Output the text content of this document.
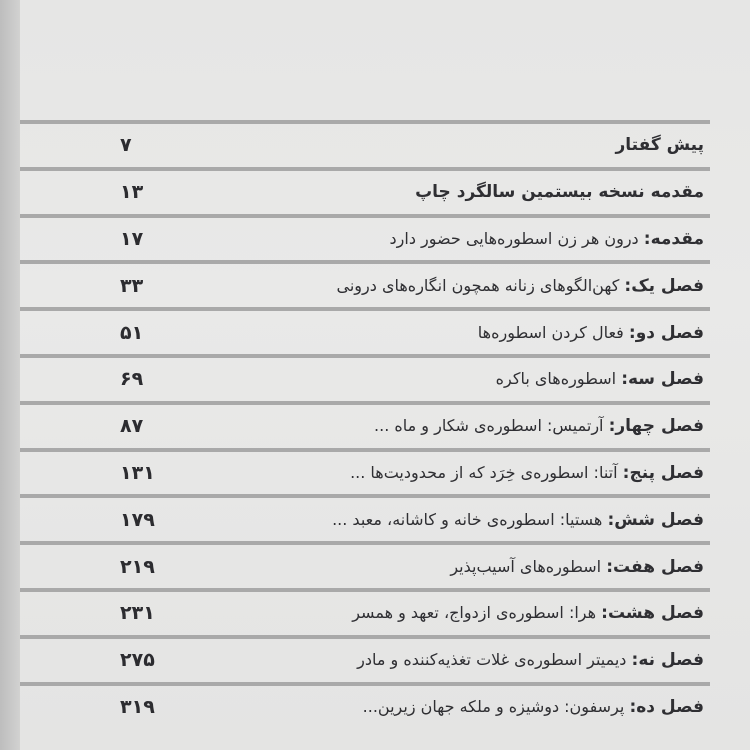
پیش گفتار
۷
مقدمه نسخه بیستمین سالگرد چاپ
۱۳
مقدمه: درون هر زن اسطوره‌هایی حضور دارد
۱۷
فصل یک: کهن‌الگوهای زنانه همچون انگاره‌های درونی
۳۳
فصل دو: فعال کردن اسطوره‌ها
۵۱
فصل سه: اسطوره‌های باکره
۶۹
فصل چهار: آرتمیس: اسطوره‌ی شکار و ماه ...
۸۷
فصل پنج: آتنا: اسطوره‌ی خِرَد که از محدودیت‌ها ...
۱۳۱
فصل شش: هستیا: اسطوره‌ی خانه و کاشانه، معبد ...
۱۷۹
فصل هفت: اسطوره‌های آسیب‌پذیر
۲۱۹
فصل هشت: هرا: اسطوره‌ی ازدواج، تعهد و همسر
۲۳۱
فصل نه: دیمیتر اسطوره‌ی غلات تغذیه‌کننده و مادر
۲۷۵
فصل ده: پرسفون: دوشیزه و ملکه جهان زیرین...
۳۱۹
